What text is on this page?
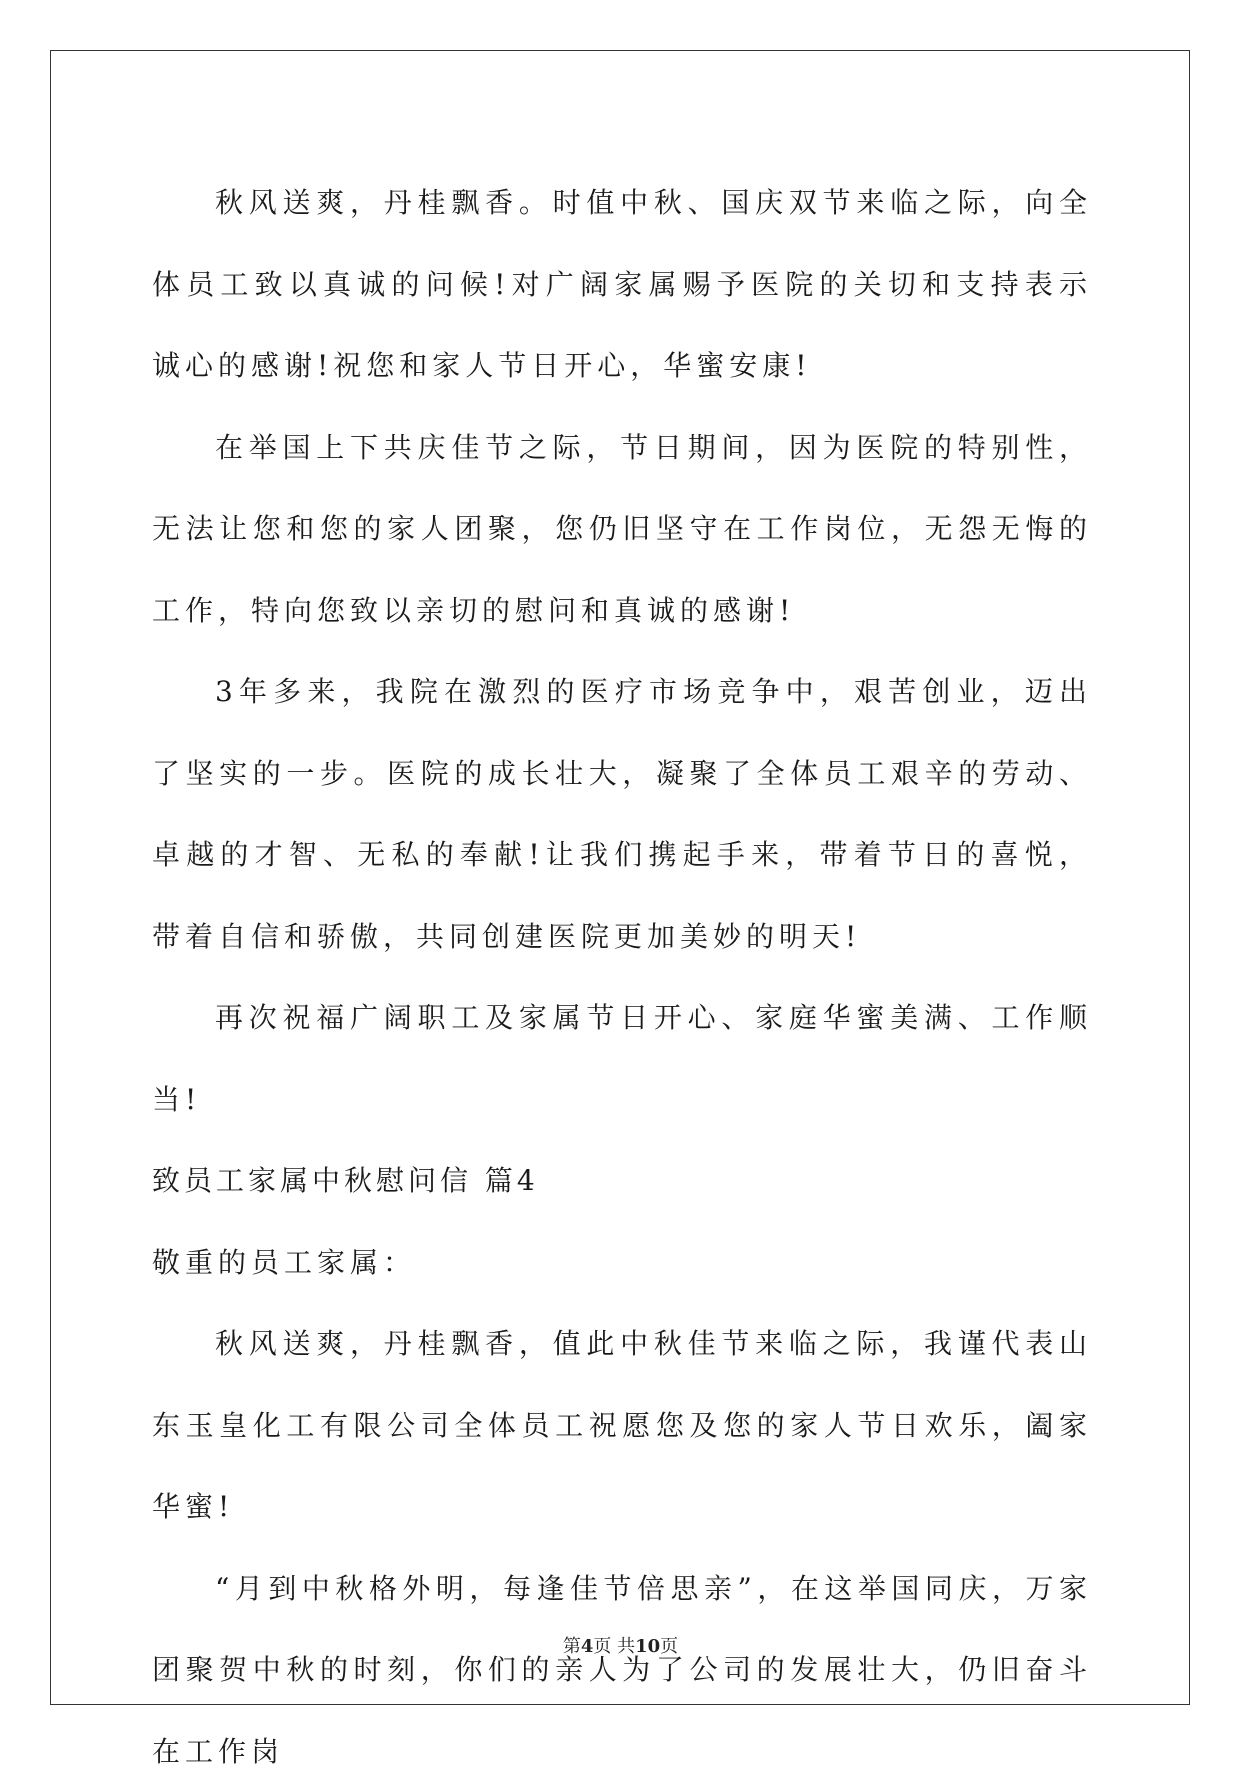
秋风送爽，丹桂飘香。时值中秋、国庆双节来临之际，向全体员工致以真诚的问候!对广阔家属赐予医院的关切和支持表示诚心的感谢!祝您和家人节日开心，华蜜安康!

在举国上下共庆佳节之际，节日期间，因为医院的特别性，无法让您和您的家人团聚，您仍旧坚守在工作岗位，无怨无悔的工作，特向您致以亲切的慰问和真诚的感谢!

3年多来，我院在激烈的医疗市场竞争中，艰苦创业，迈出了坚实的一步。医院的成长壮大，凝聚了全体员工艰辛的劳动、卓越的才智、无私的奉献!让我们携起手来，带着节日的喜悦，带着自信和骄傲，共同创建医院更加美妙的明天!

再次祝福广阔职工及家属节日开心、家庭华蜜美满、工作顺当!

致员工家属中秋慰问信 篇4

敬重的员工家属：

秋风送爽，丹桂飘香，值此中秋佳节来临之际，我谨代表山东玉皇化工有限公司全体员工祝愿您及您的家人节日欢乐，阖家华蜜!

“月到中秋格外明，每逢佳节倍思亲”，在这举国同庆，万家团聚贺中秋的时刻，你们的亲人为了公司的发展壮大，仍旧奋斗在工作岗

第4页 共10页
